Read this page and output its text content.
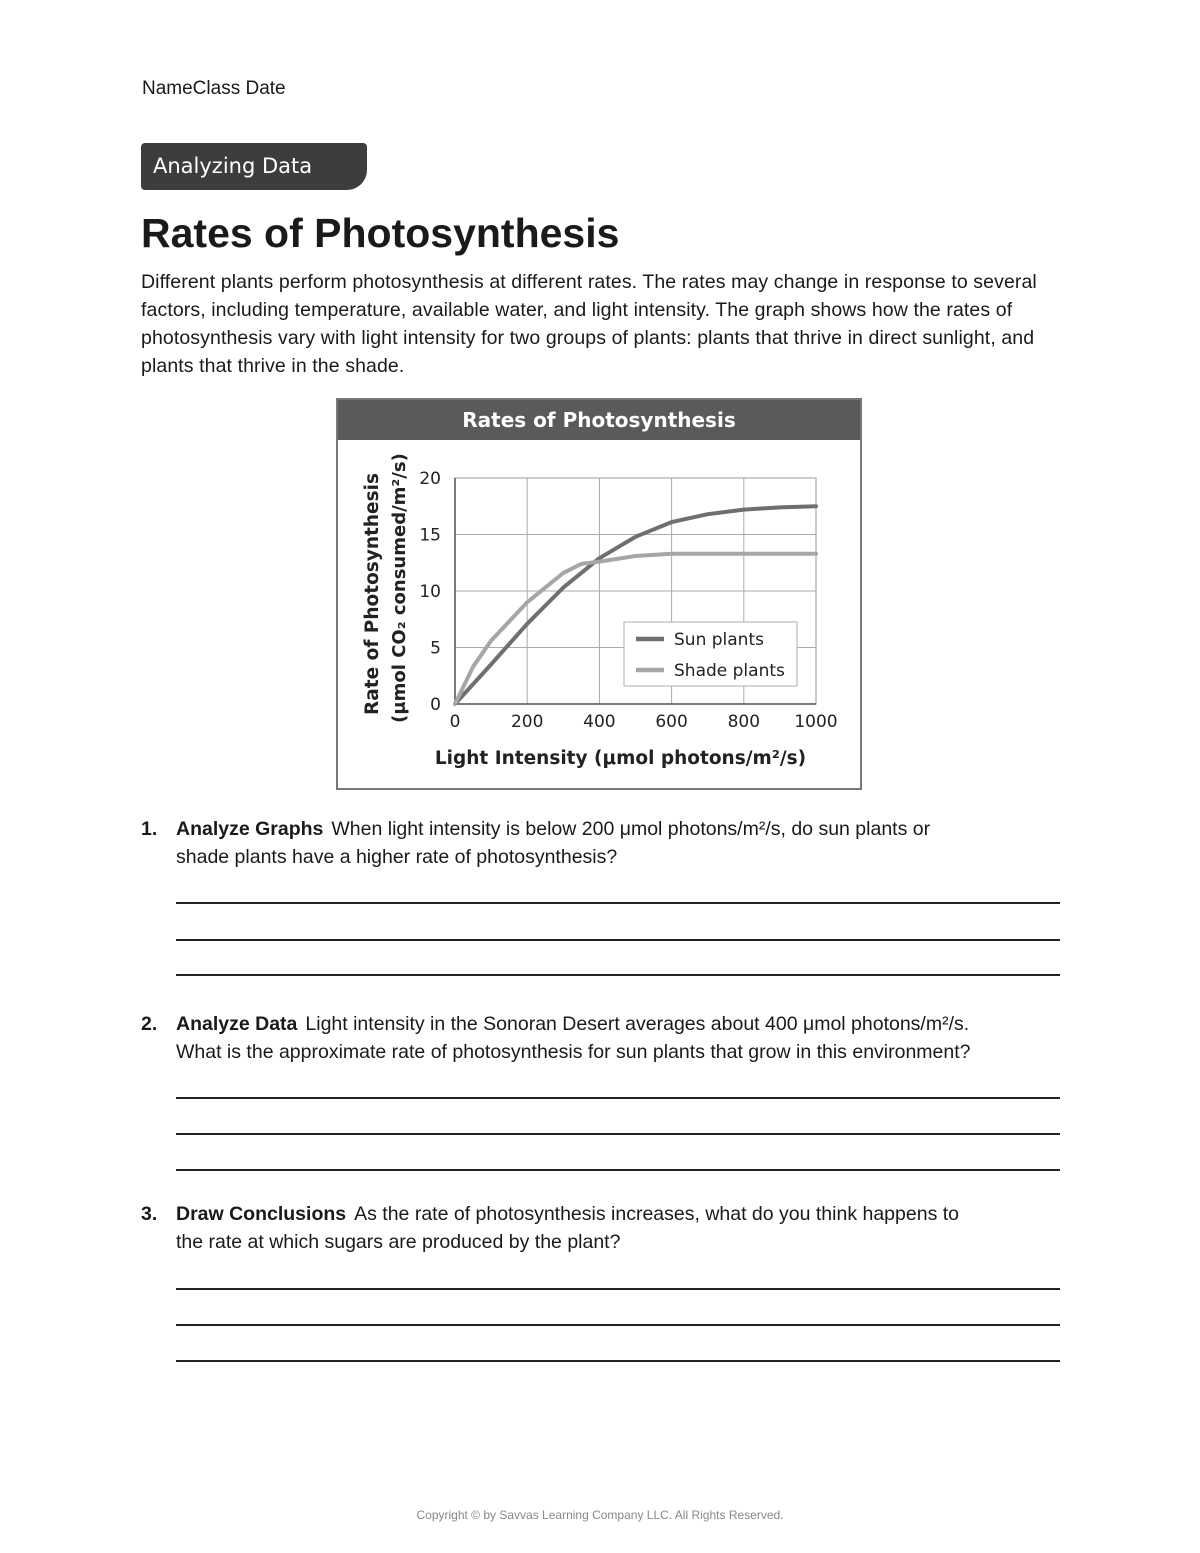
NameClass Date
Analyzing Data
Rates of Photosynthesis

Different plants perform photosynthesis at different rates. The rates may change in response to several factors, including temperature, available water, and light intensity. The graph shows how the rates of photosynthesis vary with light intensity for two groups of plants: plants that thrive in direct sunlight, and plants that thrive in the shade.

0	200 400 600 800 1000
0
5
10
15
20
Light Intensity (μmol photons/m²/s)
Rate of Photosynthesis (μmol CO₂ consumed/m²/s)	Sun plants
Shade plants
Rates of Photosynthesis
1. Analyze Graphs When light intensity is below 200 μmol photons/m²/s, do sun plants or
shade plants have a higher rate of photosynthesis?
2. Analyze Data Light intensity in the Sonoran Desert averages about 400 μmol photons/m²/s.
What is the approximate rate of photosynthesis for sun plants that grow in this environment?
3. Draw Conclusions As the rate of photosynthesis increases, what do you think happens to
the rate at which sugars are produced by the plant?
Copyright © by Savvas Learning Company LLC. All Rights Reserved.
